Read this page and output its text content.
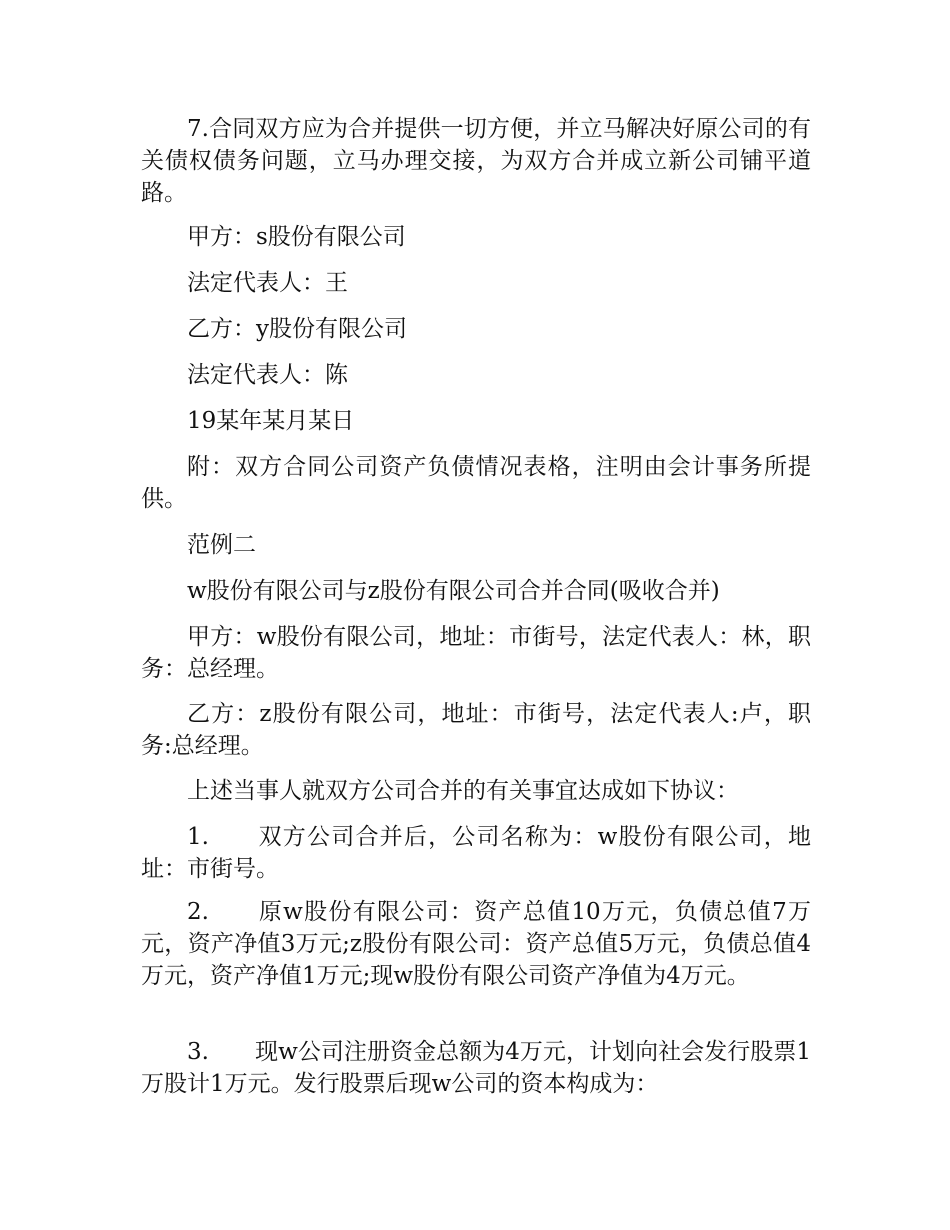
7.合同双方应为合并提供一切方便，并立马解决好原公司的有关债权债务问题，立马办理交接，为双方合并成立新公司铺平道路。

甲方：s股份有限公司

法定代表人：王

乙方：y股份有限公司

法定代表人：陈

19某年某月某日

附：双方合同公司资产负债情况表格，注明由会计事务所提供。

范例二

w股份有限公司与z股份有限公司合并合同(吸收合并)

甲方：w股份有限公司，地址：市街号，法定代表人：林，职务：总经理。

乙方：z股份有限公司，地址：市街号，法定代表人:卢，职务:总经理。

上述当事人就双方公司合并的有关事宜达成如下协议：

1.　　双方公司合并后，公司名称为：w股份有限公司，地址：市街号。

2.　　原w股份有限公司：资产总值10万元，负债总值7万元，资产净值3万元;z股份有限公司：资产总值5万元，负债总值4万元，资产净值1万元;现w股份有限公司资产净值为4万元。

3.　　现w公司注册资金总额为4万元，计划向社会发行股票1万股计1万元。发行股票后现w公司的资本构成为：
